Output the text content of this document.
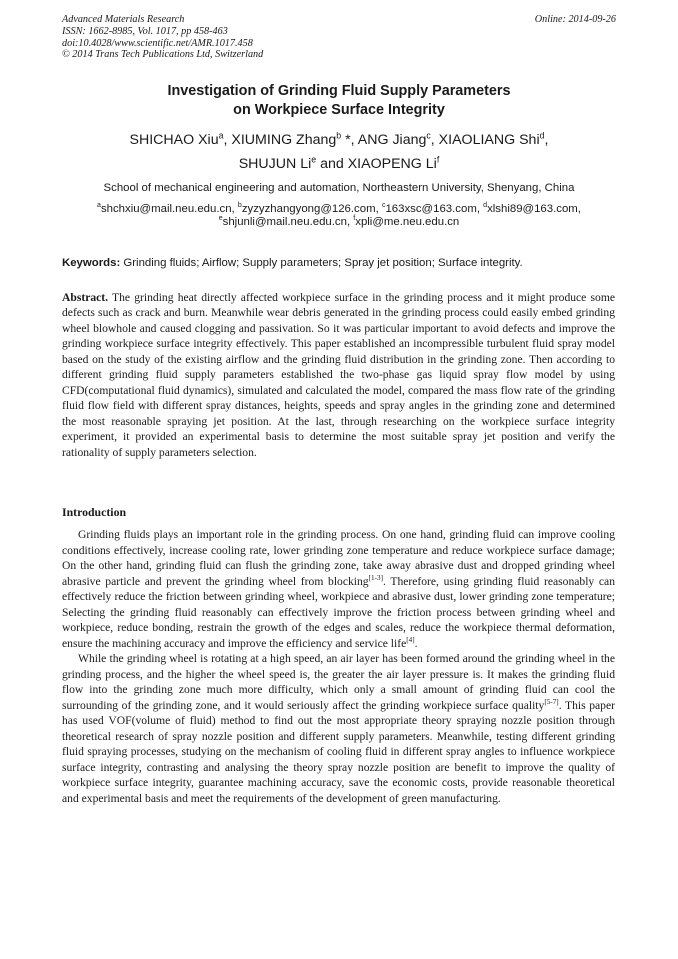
Advanced Materials Research
ISSN: 1662-8985, Vol. 1017, pp 458-463
doi:10.4028/www.scientific.net/AMR.1017.458
© 2014 Trans Tech Publications Ltd, Switzerland
Online: 2014-09-26
Investigation of Grinding Fluid Supply Parameters
on Workpiece Surface Integrity
SHICHAO Xiu$^a$, XIUMING Zhang$^b$ *, ANG Jiang$^c$, XIAOLIANG Shi$^d$,
SHUJUN Li$^e$ and XIAOPENG Li$^f$
School of mechanical engineering and automation, Northeastern University, Shenyang, China
$^a$shchxiu@mail.neu.edu.cn, $^b$zyzyzhangyong@126.com, $^c$163xsc@163.com, $^d$xlshi89@163.com,
$^e$shjunli@mail.neu.edu.cn, $^f$xpli@me.neu.edu.cn
Keywords: Grinding fluids; Airflow; Supply parameters; Spray jet position; Surface integrity.
Abstract. The grinding heat directly affected workpiece surface in the grinding process and it might produce some defects such as crack and burn. Meanwhile wear debris generated in the grinding process could easily embed grinding wheel blowhole and caused clogging and passivation. So it was particular important to avoid defects and improve the grinding workpiece surface integrity effectively. This paper established an incompressible turbulent fluid spray model based on the study of the existing airflow and the grinding fluid distribution in the grinding zone. Then according to different grinding fluid supply parameters established the two-phase gas liquid spray flow model by using CFD(computational fluid dynamics), simulated and calculated the model, compared the mass flow rate of the grinding fluid flow field with different spray distances, heights, speeds and spray angles in the grinding zone and determined the most reasonable spraying jet position. At the last, through researching on the workpiece surface integrity experiment, it provided an experimental basis to determine the most suitable spray jet position and verify the rationality of supply parameters selection.
Introduction

Grinding fluids plays an important role in the grinding process. On one hand, grinding fluid can improve cooling conditions effectively, increase cooling rate, lower grinding zone temperature and reduce workpiece surface damage; On the other hand, grinding fluid can flush the grinding zone, take away abrasive dust and dropped grinding wheel abrasive particle and prevent the grinding wheel from blocking[1-3]. Therefore, using grinding fluid reasonably can effectively reduce the friction between grinding wheel, workpiece and abrasive dust, lower grinding zone temperature; Selecting the grinding fluid reasonably can effectively improve the friction process between grinding wheel and workpiece, reduce bonding, restrain the growth of the edges and scales, reduce the workpiece thermal deformation, ensure the machining accuracy and improve the efficiency and service life[4].

While the grinding wheel is rotating at a high speed, an air layer has been formed around the grinding wheel in the grinding process, and the higher the wheel speed is, the greater the air layer pressure is. It makes the grinding fluid flow into the grinding zone much more difficulty, which only a small amount of grinding fluid can cool the surrounding of the grinding zone, and it would seriously affect the grinding workpiece surface quality[5-7]. This paper has used VOF(volume of fluid) method to find out the most appropriate theory spraying nozzle position through theoretical research of spray nozzle position and different supply parameters. Meanwhile, testing different grinding fluid spraying processes, studying on the mechanism of cooling fluid in different spray angles to influence workpiece surface integrity, contrasting and analysing the theory spray nozzle position are benefit to improve the quality of workpiece surface integrity, guarantee machining accuracy, save the economic costs, provide reasonable theoretical and experimental basis and meet the requirements of the development of green manufacturing.
